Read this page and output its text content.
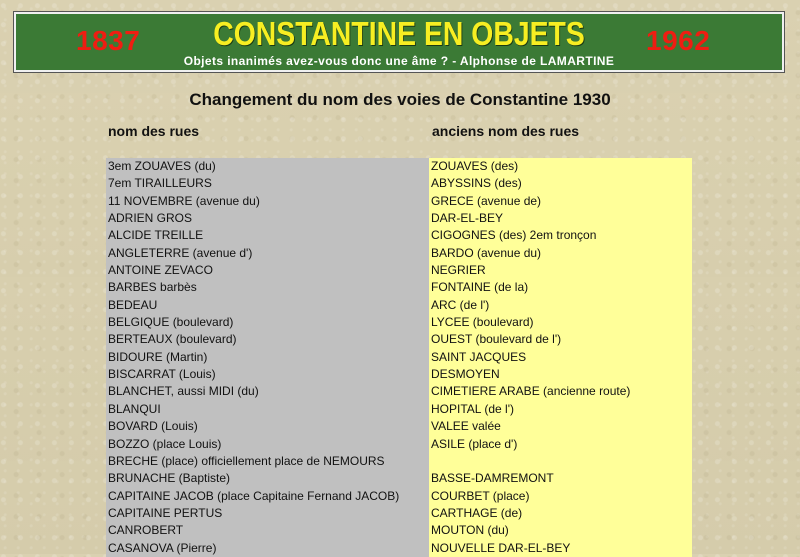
1837	CONSTANTINE EN OBJETS	1962
Objets inanimés avez-vous donc une âme ? - Alphonse de LAMARTINE
Changement du nom des voies de Constantine 1930
nom des rues	anciens nom des rues
3em ZOUAVES (du)	ZOUAVES (des)
7em TIRAILLEURS	ABYSSINS (des)
11 NOVEMBRE (avenue du)	GRECE (avenue de)
ADRIEN GROS	DAR-EL-BEY
ALCIDE TREILLE	CIGOGNES (des) 2em tronçon
ANGLETERRE (avenue d')	BARDO (avenue du)
ANTOINE ZEVACO	NEGRIER
BARBES barbès	FONTAINE (de la)
BEDEAU	ARC (de l')
BELGIQUE (boulevard)	LYCEE (boulevard)
BERTEAUX (boulevard)	OUEST (boulevard de l')
BIDOURE (Martin)	SAINT JACQUES
BISCARRAT (Louis)	DESMOYEN
BLANCHET, aussi MIDI (du)	CIMETIERE ARABE (ancienne route)
BLANQUI	HOPITAL (de l')
BOVARD (Louis)	VALEE valée
BOZZO (place Louis)	ASILE (place d')
BRECHE (place) officiellement place de NEMOURS
BRUNACHE (Baptiste)	BASSE-DAMREMONT
CAPITAINE JACOB (place Capitaine Fernand JACOB)	COURBET (place)
CAPITAINE PERTUS	CARTHAGE (de)
CANROBERT	MOUTON (du)
CASANOVA (Pierre)	NOUVELLE DAR-EL-BEY
